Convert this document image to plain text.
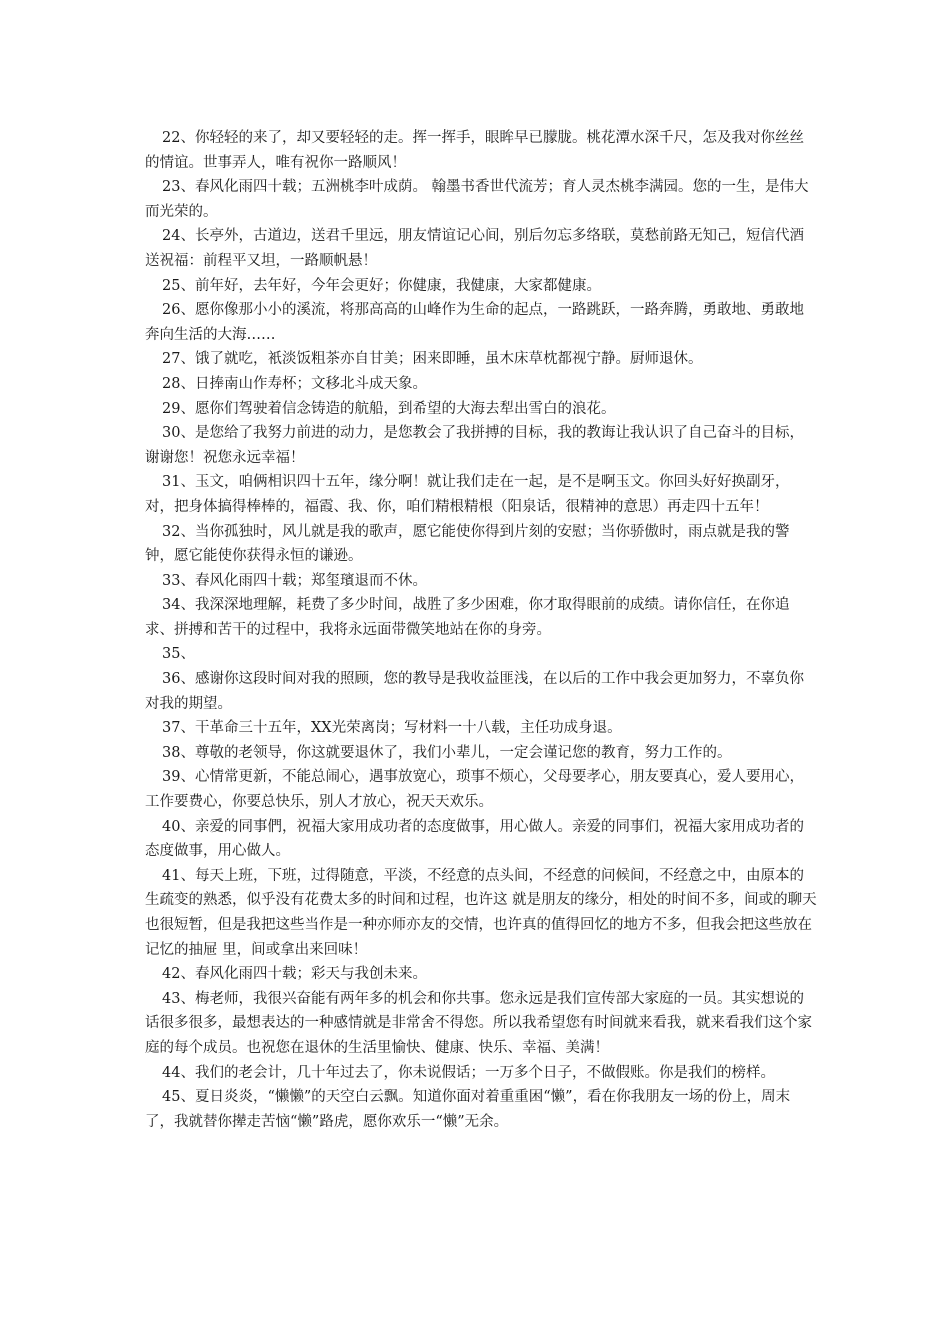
22、你轻轻的来了，却又要轻轻的走。挥一挥手，眼眸早已朦胧。桃花潭水深千尺，怎及我对你丝丝的情谊。世事弄人，唯有祝你一路顺风！

23、春风化雨四十载；五洲桃李叶成荫。 翰墨书香世代流芳；育人灵杰桃李满园。您的一生，是伟大而光荣的。

24、长亭外，古道边，送君千里远，朋友情谊记心间，别后勿忘多络联，莫愁前路无知己，短信代酒送祝福：前程平又坦，一路顺帆悬！

25、前年好，去年好，今年会更好；你健康，我健康，大家都健康。

26、愿你像那小小的溪流，将那高高的山峰作为生命的起点，一路跳跃，一路奔腾，勇敢地、勇敢地奔向生活的大海……

27、饿了就吃，衹淡饭粗茶亦自甘美；困来即睡，虽木床草枕都视宁静。厨师退休。

28、日捧南山作寿杯；文移北斗成天象。

29、愿你们驾驶着信念铸造的航船，到希望的大海去犁出雪白的浪花。

30、是您给了我努力前进的动力，是您教会了我拼搏的目标，我的教诲让我认识了自己奋斗的目标，谢谢您！祝您永远幸福！

31、玉文，咱俩相识四十五年，缘分啊！就让我们走在一起，是不是啊玉文。你回头好好换副牙，对，把身体搞得棒棒的，福霞、我、你，咱们精根精根（阳泉话，很精神的意思）再走四十五年！

32、当你孤独时，风儿就是我的歌声，愿它能使你得到片刻的安慰；当你骄傲时，雨点就是我的警钟，愿它能使你获得永恒的谦逊。

33、春风化雨四十载；郑玺璸退而不休。

34、我深深地理解，耗费了多少时间，战胜了多少困难，你才取得眼前的成绩。请你信任，在你追求、拼搏和苦干的过程中，我将永远面带微笑地站在你的身旁。

35、

36、感谢你这段时间对我的照顾，您的教导是我收益匪浅，在以后的工作中我会更加努力，不辜负你对我的期望。

37、干革命三十五年，XX光荣离岗；写材料一十八载，主任功成身退。

38、尊敬的老领导，你这就要退休了，我们小辈儿，一定会谨记您的教育，努力工作的。

39、心情常更新，不能总闹心，遇事放宽心，琐事不烦心，父母要孝心，朋友要真心，爱人要用心，工作要费心，你要总快乐，别人才放心，祝天天欢乐。

40、亲爱的同事們，祝福大家用成功者的态度做事，用心做人。亲爱的同事们，祝福大家用成功者的态度做事，用心做人。

41、每天上班，下班，过得随意，平淡，不经意的点头间，不经意的问候间，不经意之中，由原本的生疏变的熟悉，似乎没有花费太多的时间和过程，也许这 就是朋友的缘分，相处的时间不多，间或的聊天也很短暂，但是我把这些当作是一种亦师亦友的交情，也许真的值得回忆的地方不多，但我会把这些放在记忆的抽屉 里，间或拿出来回味！

42、春风化雨四十载；彩天与我创未来。

43、梅老师，我很兴奋能有两年多的机会和你共事。您永远是我们宣传部大家庭的一员。其实想说的话很多很多，最想表达的一种感情就是非常舍不得您。所以我希望您有时间就来看我，就来看我们这个家庭的每个成员。也祝您在退休的生活里愉快、健康、快乐、幸福、美满！

44、我们的老会计，几十年过去了，你未说假话；一万多个日子，不做假账。你是我们的榜样。

45、夏日炎炎，“懒懒”的天空白云飘。知道你面对着重重困“懒”，看在你我朋友一场的份上，周末了，我就替你撵走苦恼“懒”路虎，愿你欢乐一“懒”无余。
